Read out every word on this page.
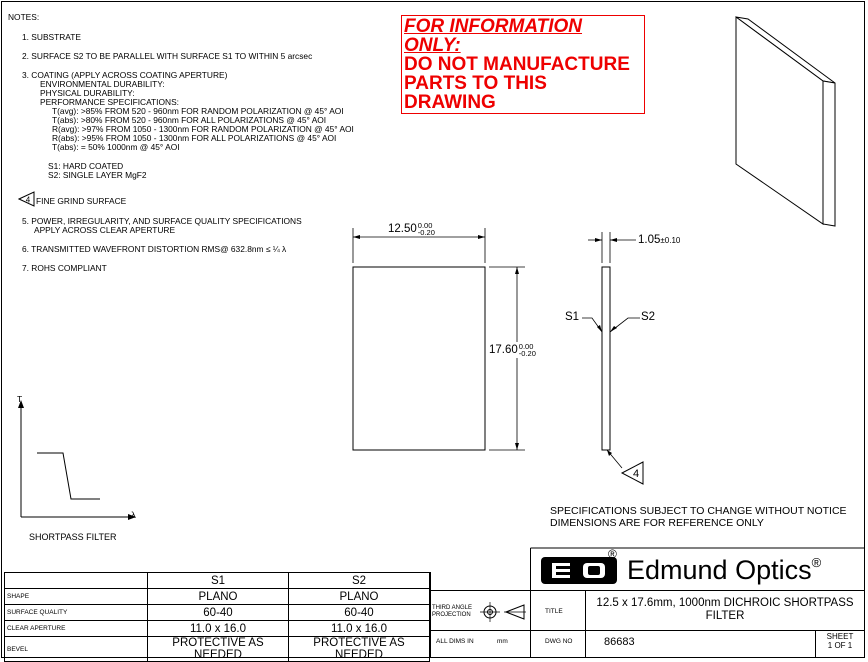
NOTES:
1. SUBSTRATE
2. SURFACE S2 TO BE PARALLEL WITH SURFACE S1 TO WITHIN 5 arcsec
3. COATING (APPLY ACROSS COATING APERTURE)
ENVIRONMENTAL DURABILITY:
PHYSICAL DURABILITY:
PERFORMANCE SPECIFICATIONS:
T(avg): >85% FROM 520 - 960nm FOR RANDOM POLARIZATION @ 45° AOI
T(abs): >80% FROM 520 - 960nm FOR ALL POLARIZATIONS @ 45° AOI
R(avg): >97% FROM 1050 - 1300nm FOR RANDOM POLARIZATION @ 45° AOI
R(abs): >95% FROM 1050 - 1300nm FOR ALL POLARIZATIONS @ 45° AOI
T(abs): = 50% 1000nm @ 45° AOI
S1: HARD COATED
S2: SINGLE LAYER MgF2
4 FINE GRIND SURFACE
5. POWER, IRREGULARITY, AND SURFACE QUALITY SPECIFICATIONS
APPLY ACROSS CLEAR APERTURE
6. TRANSMITTED WAVEFRONT DISTORTION RMS@ 632.8nm ≤ ¼ λ
7. ROHS COMPLIANT
FOR INFORMATION ONLY:
DO NOT MANUFACTURE
PARTS TO THIS DRAWING
12.50 0.00
-0.20
17.60 0.00
-0.20
4
1.05±0.10
S1	S2
T
λ
SHORTPASS FILTER
SPECIFICATIONS SUBJECT TO CHANGE WITHOUT NOTICE
DIMENSIONS ARE FOR REFERENCE ONLY
	S1	S2
SHAPE	PLANO	PLANO
SURFACE QUALITY	60-40	60-40
CLEAR APERTURE	11.0 x 16.0	11.0 x 16.0
BEVEL	PROTECTIVE AS NEEDED	PROTECTIVE AS NEEDED
EO	®
Edmund Optics®
THIRD ANGLE
PROJECTION	TITLE
12.5 x 17.6mm, 1000nm DICHROIC SHORTPASS
FILTER
ALL DIMS IN	mm	DWG NO	86683	SHEET
1 OF 1
